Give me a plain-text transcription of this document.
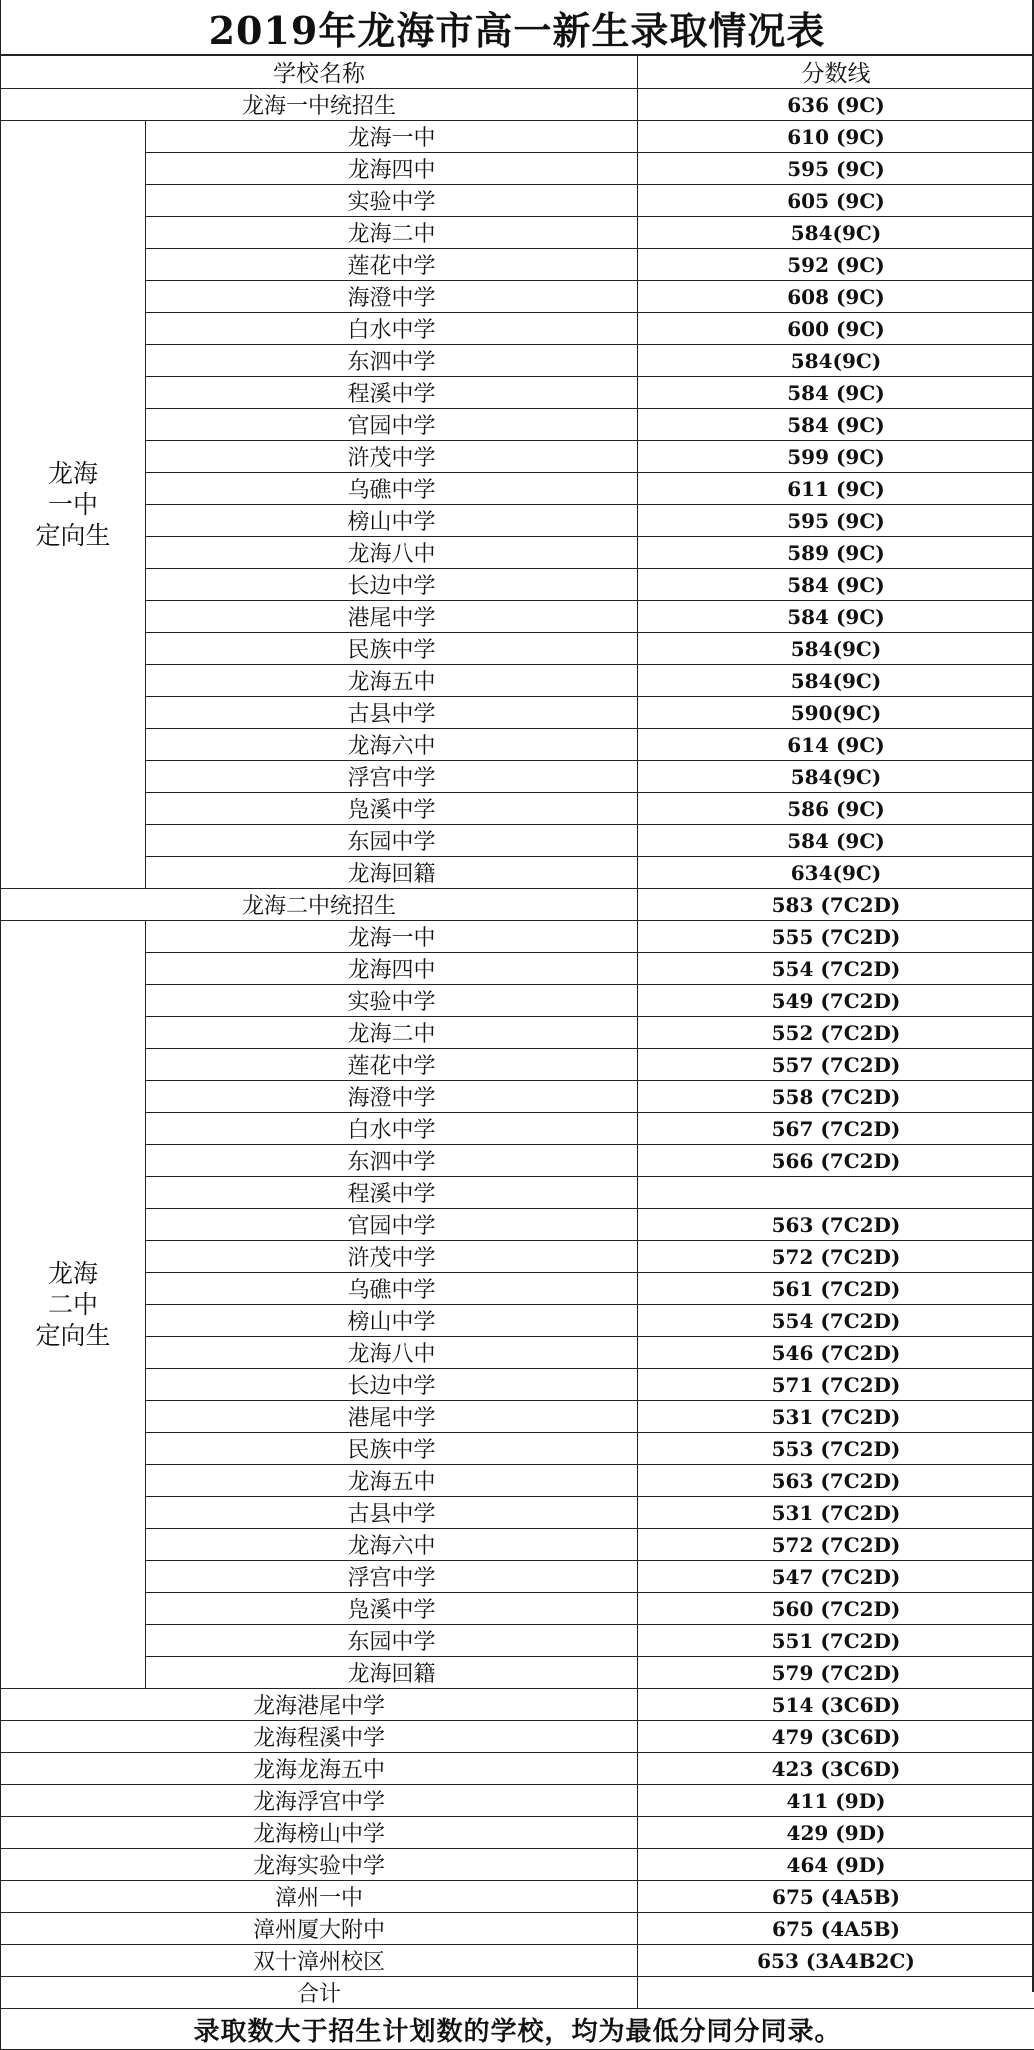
2019年龙海市高一新生录取情况表
学校名称		分数线
龙海一中统招生		636 (9C)
龙海
一中
定向生	龙海一中	610 (9C)
	龙海四中	595 (9C)
	实验中学	605 (9C)
	龙海二中	584(9C)
	莲花中学	592 (9C)
	海澄中学	608 (9C)
	白水中学	600 (9C)
	东泗中学	584(9C)
	程溪中学	584 (9C)
	官园中学	584 (9C)
	浒茂中学	599 (9C)
	乌礁中学	611 (9C)
	榜山中学	595 (9C)
	龙海八中	589 (9C)
	长边中学	584 (9C)
	港尾中学	584 (9C)
	民族中学	584(9C)
	龙海五中	584(9C)
	古县中学	590(9C)
	龙海六中	614 (9C)
	浮宫中学	584(9C)
	凫溪中学	586 (9C)
	东园中学	584 (9C)
	龙海回籍	634(9C)
龙海二中统招生		583 (7C2D)
龙海
二中
定向生	龙海一中	555 (7C2D)
	龙海四中	554 (7C2D)
	实验中学	549 (7C2D)
	龙海二中	552 (7C2D)
	莲花中学	557 (7C2D)
	海澄中学	558 (7C2D)
	白水中学	567 (7C2D)
	东泗中学	566 (7C2D)
	程溪中学	
	官园中学	563 (7C2D)
	浒茂中学	572 (7C2D)
	乌礁中学	561 (7C2D)
	榜山中学	554 (7C2D)
	龙海八中	546 (7C2D)
	长边中学	571 (7C2D)
	港尾中学	531 (7C2D)
	民族中学	553 (7C2D)
	龙海五中	563 (7C2D)
	古县中学	531 (7C2D)
	龙海六中	572 (7C2D)
	浮宫中学	547 (7C2D)
	凫溪中学	560 (7C2D)
	东园中学	551 (7C2D)
	龙海回籍	579 (7C2D)
龙海港尾中学		514 (3C6D)
龙海程溪中学		479 (3C6D)
龙海龙海五中		423 (3C6D)
龙海浮宫中学		411 (9D)
龙海榜山中学		429 (9D)
龙海实验中学		464 (9D)
漳州一中		675 (4A5B)
漳州厦大附中		675 (4A5B)
双十漳州校区		653 (3A4B2C)
合计		
录取数大于招生计划数的学校，均为最低分同分同录。		
